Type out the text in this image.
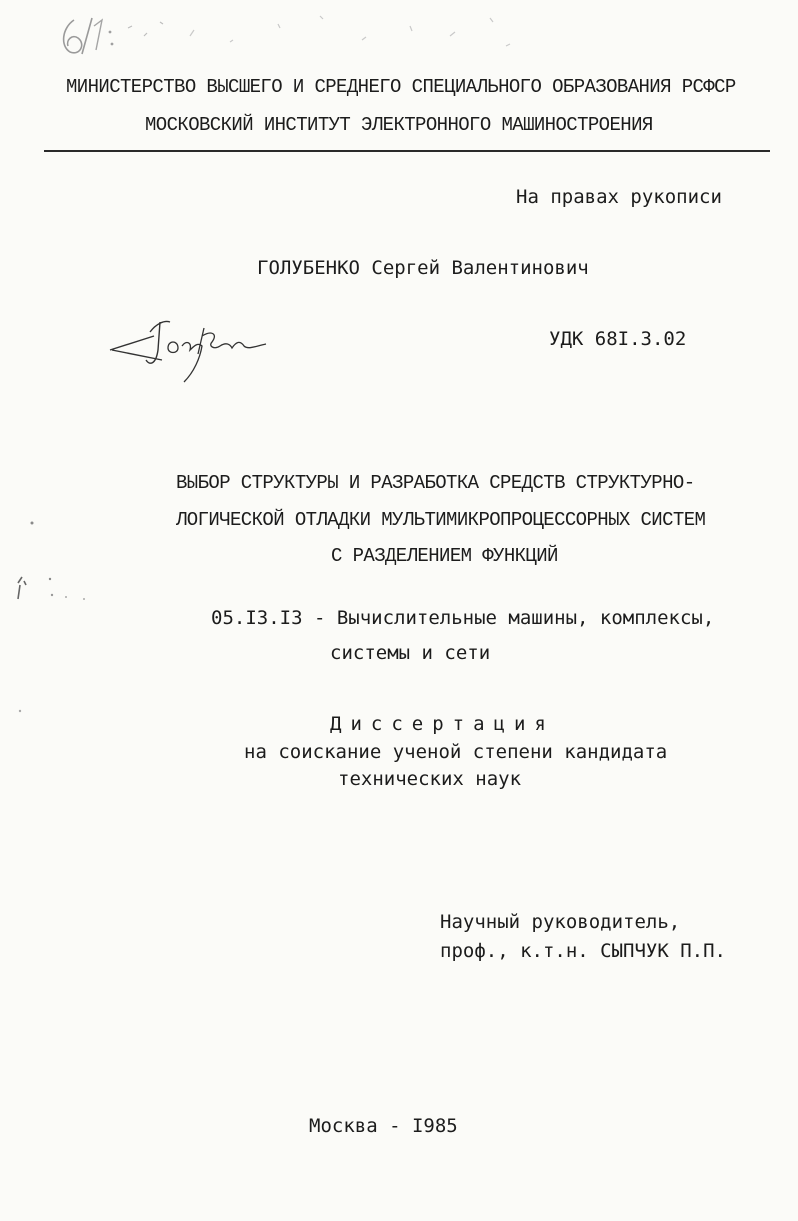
МИНИСТЕРСТВО ВЫСШЕГО И СРЕДНЕГО СПЕЦИАЛЬНОГО ОБРАЗОВАНИЯ РСФСР
МОСКОВСКИЙ ИНСТИТУТ ЭЛЕКТРОННОГО МАШИНОСТРОЕНИЯ
На правах рукописи
ГОЛУБЕНКО Сергей Валентинович
УДК 68I.3.02
ВЫБОР СТРУКТУРЫ И РАЗРАБОТКА СРЕДСТВ СТРУКТУРНО-
ЛОГИЧЕСКОЙ ОТЛАДКИ МУЛЬТИМИКРОПРОЦЕССОРНЫХ СИСТЕМ
С РАЗДЕЛЕНИЕМ ФУНКЦИЙ
05.I3.I3 - Вычислительные машины, комплексы,
системы и сети
Диссертация
на соискание ученой степени кандидата
технических наук
Научный руководитель,
проф., к.т.н. СЫПЧУК П.П.
Москва - I985
